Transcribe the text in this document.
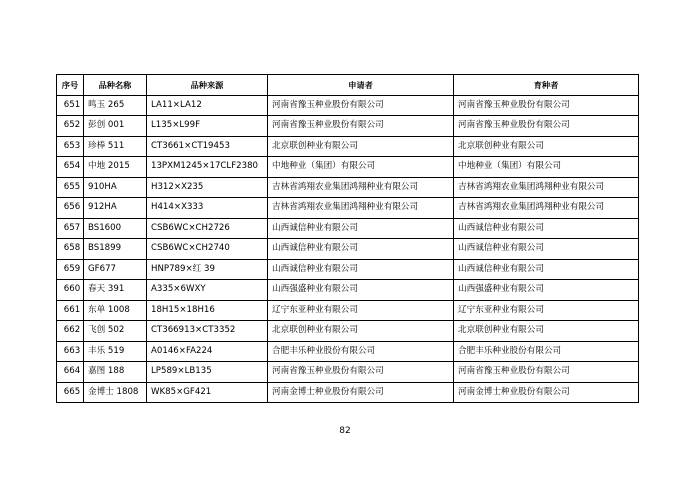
序号	品种名称	品种来源	申请者	育种者
651	鸣玉 265	LA11×LA12	河南省豫玉种业股份有限公司	河南省豫玉种业股份有限公司
652	彭创 001	L135×L99F	河南省豫玉种业股份有限公司	河南省豫玉种业股份有限公司
653	珍棒 511	CT3661×CT19453	北京联创种业有限公司	北京联创种业有限公司
654	中地 2015	13PXM1245×17CLF2380	中地种业（集团）有限公司	中地种业（集团）有限公司
655	910HA	H312×X235	吉林省鸿翔农业集团鸿翔种业有限公司	吉林省鸿翔农业集团鸿翔种业有限公司
656	912HA	H414×X333	吉林省鸿翔农业集团鸿翔种业有限公司	吉林省鸿翔农业集团鸿翔种业有限公司
657	BS1600	CSB6WC×CH2726	山西诚信种业有限公司	山西诚信种业有限公司
658	BS1899	CSB6WC×CH2740	山西诚信种业有限公司	山西诚信种业有限公司
659	GF677	HNP789×红 39	山西诚信种业有限公司	山西诚信种业有限公司
660	春天 391	A335×6WXY	山西强盛种业有限公司	山西强盛种业有限公司
661	东单 1008	18H15×18H16	辽宁东亚种业有限公司	辽宁东亚种业有限公司
662	飞创 502	CT366913×CT3352	北京联创种业有限公司	北京联创种业有限公司
663	丰乐 519	A0146×FA224	合肥丰乐种业股份有限公司	合肥丰乐种业股份有限公司
664	嘉图 188	LP589×LB135	河南省豫玉种业股份有限公司	河南省豫玉种业股份有限公司
665	金博士 1808	WK85×GF421	河南金博士种业股份有限公司	河南金博士种业股份有限公司
82
